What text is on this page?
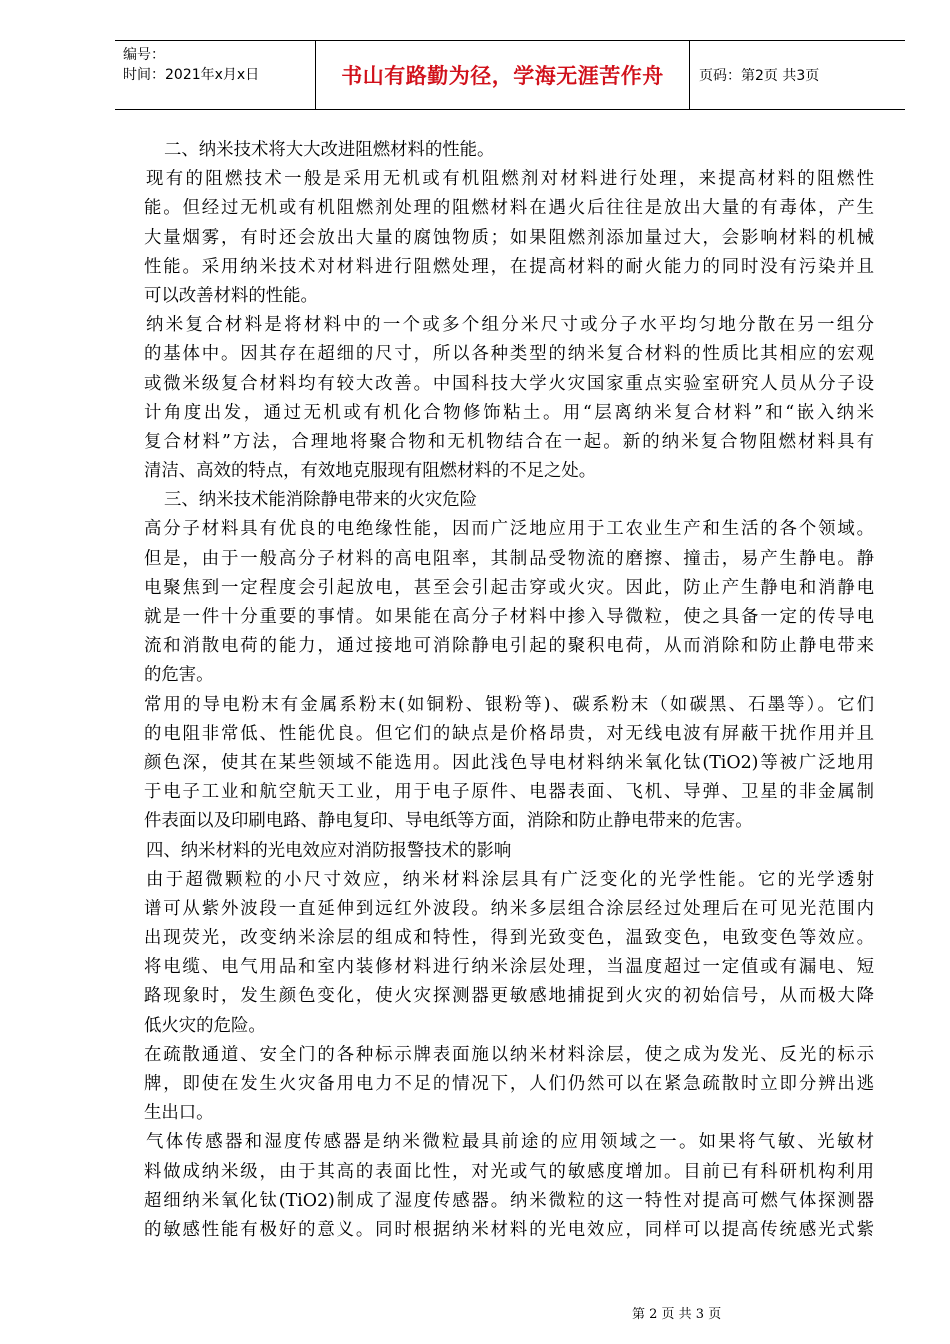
编号：
时间：2021年x月x日	书山有路勤为径，学海无涯苦作舟	页码：第2页 共3页
二、纳米技术将大大改进阻燃材料的性能。
现有的阻燃技术一般是采用无机或有机阻燃剂对材料进行处理，来提高材料的阻燃性
能。但经过无机或有机阻燃剂处理的阻燃材料在遇火后往往是放出大量的有毒体，产生
大量烟雾，有时还会放出大量的腐蚀物质；如果阻燃剂添加量过大，会影响材料的机械
性能。采用纳米技术对材料进行阻燃处理，在提高材料的耐火能力的同时没有污染并且
可以改善材料的性能。
纳米复合材料是将材料中的一个或多个组分米尺寸或分子水平均匀地分散在另一组分
的基体中。因其存在超细的尺寸，所以各种类型的纳米复合材料的性质比其相应的宏观
或微米级复合材料均有较大改善。中国科技大学火灾国家重点实验室研究人员从分子设
计角度出发，通过无机或有机化合物修饰粘土。用“层离纳米复合材料”和“嵌入纳米
复合材料”方法，合理地将聚合物和无机物结合在一起。新的纳米复合物阻燃材料具有
清洁、高效的特点，有效地克服现有阻燃材料的不足之处。
三、纳米技术能消除静电带来的火灾危险
高分子材料具有优良的电绝缘性能，因而广泛地应用于工农业生产和生活的各个领域。
但是，由于一般高分子材料的高电阻率，其制品受物流的磨擦、撞击，易产生静电。静
电聚焦到一定程度会引起放电，甚至会引起击穿或火灾。因此，防止产生静电和消静电
就是一件十分重要的事情。如果能在高分子材料中掺入导微粒，使之具备一定的传导电
流和消散电荷的能力，通过接地可消除静电引起的聚积电荷，从而消除和防止静电带来
的危害。
常用的导电粉末有金属系粉末(如铜粉、银粉等)、碳系粉末（如碳黑、石墨等）。它们
的电阻非常低、性能优良。但它们的缺点是价格昂贵，对无线电波有屏蔽干扰作用并且
颜色深，使其在某些领域不能选用。因此浅色导电材料纳米氧化钛(TiO2)等被广泛地用
于电子工业和航空航天工业，用于电子原件、电器表面、飞机、导弹、卫星的非金属制
件表面以及印刷电路、静电复印、导电纸等方面，消除和防止静电带来的危害。
四、纳米材料的光电效应对消防报警技术的影响
由于超微颗粒的小尺寸效应，纳米材料涂层具有广泛变化的光学性能。它的光学透射
谱可从紫外波段一直延伸到远红外波段。纳米多层组合涂层经过处理后在可见光范围内
出现荧光，改变纳米涂层的组成和特性，得到光致变色，温致变色，电致变色等效应。
将电缆、电气用品和室内装修材料进行纳米涂层处理，当温度超过一定值或有漏电、短
路现象时，发生颜色变化，使火灾探测器更敏感地捕捉到火灾的初始信号，从而极大降
低火灾的危险。
在疏散通道、安全门的各种标示牌表面施以纳米材料涂层，使之成为发光、反光的标示
牌，即使在发生火灾备用电力不足的情况下，人们仍然可以在紧急疏散时立即分辨出逃
生出口。
气体传感器和湿度传感器是纳米微粒最具前途的应用领域之一。如果将气敏、光敏材
料做成纳米级，由于其高的表面比性，对光或气的敏感度增加。目前已有科研机构利用
超细纳米氧化钛(TiO2)制成了湿度传感器。纳米微粒的这一特性对提高可燃气体探测器
的敏感性能有极好的意义。同时根据纳米材料的光电效应，同样可以提高传统感光式紫
第 2 页 共 3 页
